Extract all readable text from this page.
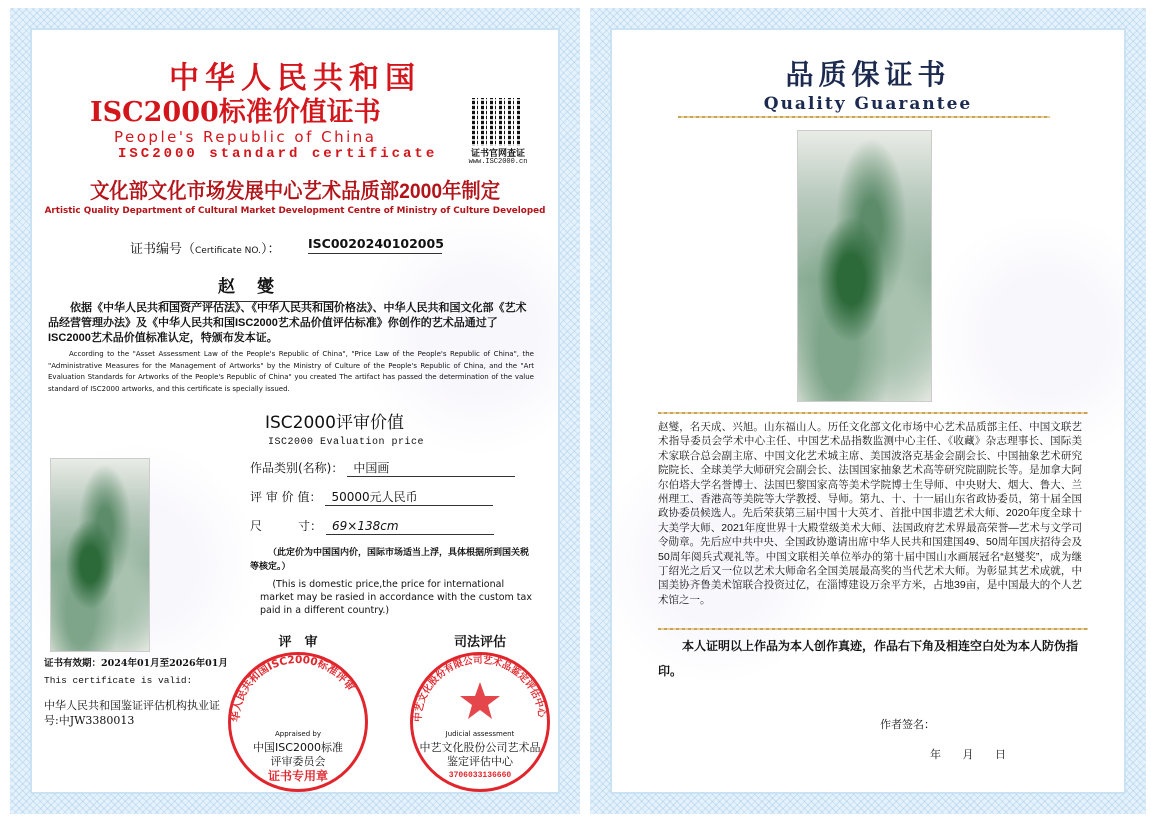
中华人民共和国
ISC2000标准价值证书
People's Republic of China
ISC2000 standard certificate	证书官网查证
www.ISC2000.cn
文化部文化市场发展中心艺术品质部2000年制定
Artistic Quality Department of Cultural Market Development Centre of Ministry of Culture Developed
证书编号（Certificate NO.）： ISC0020240102005
赵 燮
依据《中华人民共和国资产评估法》、《中华人民共和国价格法》、中华人民共和国文化部《艺术品经营管理办法》及《中华人民共和国ISC2000艺术品价值评估标准》你创作的艺术品通过了ISC2000艺术品价值标准认定，特颁布发本证。
According to the "Asset Assessment Law of the People's Republic of China", "Price Law of the People's Republic of China", the "Administrative Measures for the Management of Artworks" by the Ministry of Culture of the People's Republic of China, and the "Art Evaluation Standards for Artworks of the People's Republic of China" you created The artifact has passed the determination of the value standard of ISC2000 artworks, and this certificate is specially issued.
ISC2000评审价值
ISC2000 Evaluation price
作品类别(名称)： 中国画
评 审 价 值： 50000元人民币
尺　　　寸： 69×138cm
（此定价为中国国内价，国际市场适当上浮，具体根据所到国关税等核定。）
(This is domestic price,the price for international market may be rasied in accordance with the custom tax paid in a different country.)
评　审	司法评估
华人民共和国ISC2000标准评审
Appraised by
中国ISC2000标准
评审委员会
证书专用章
中艺文化股份有限公司艺术品鉴定评估中心
Judicial assessment
中艺文化股份公司艺术品
鉴定评估中心
3706033136660
证书有效期：2024年01月至2026年01月
This certificate is valid:
中华人民共和国鉴证评估机构执业证号:中JW3380013
品质保证书
Quality Guarantee
赵燮，名天成、兴旭。山东福山人。历任文化部文化市场中心艺术品质部主任、中国文联艺术指导委员会学术中心主任、中国艺术品指数监测中心主任、《收藏》杂志理事长、国际美术家联合总会副主席、中国文化艺术城主席、美国波洛克基金会副会长、中国抽象艺术研究院院长、全球美学大师研究会副会长、法国国家抽象艺术高等研究院副院长等。是加拿大阿尔伯塔大学名誉博士、法国巴黎国家高等美术学院博士生导师、中央财大、烟大、鲁大、兰州理工、香港高等美院等大学教授、导师。第九、十、十一届山东省政协委员，第十届全国政协委员候选人。先后荣获第三届中国十大英才、首批中国非遗艺术大师、2020年度全球十大美学大师、2021年度世界十大殿堂级美术大师、法国政府艺术界最高荣誉—艺术与文学司令勋章。先后应中共中央、全国政协邀请出席中华人民共和国建国49、50周年国庆招待会及50周年阅兵式观礼等。中国文联相关单位举办的第十届中国山水画展冠名“赵燮奖”，成为继丁绍光之后又一位以艺术大师命名全国美展最高奖的当代艺术大师。为彰显其艺术成就，中国美协齐鲁美术馆联合投资过亿，在淄博建设万余平方米，占地39亩，是中国最大的个人艺术馆之一。
本人证明以上作品为本人创作真迹，作品右下角及相连空白处为本人防伪指印。
作者签名：
年 月 日
